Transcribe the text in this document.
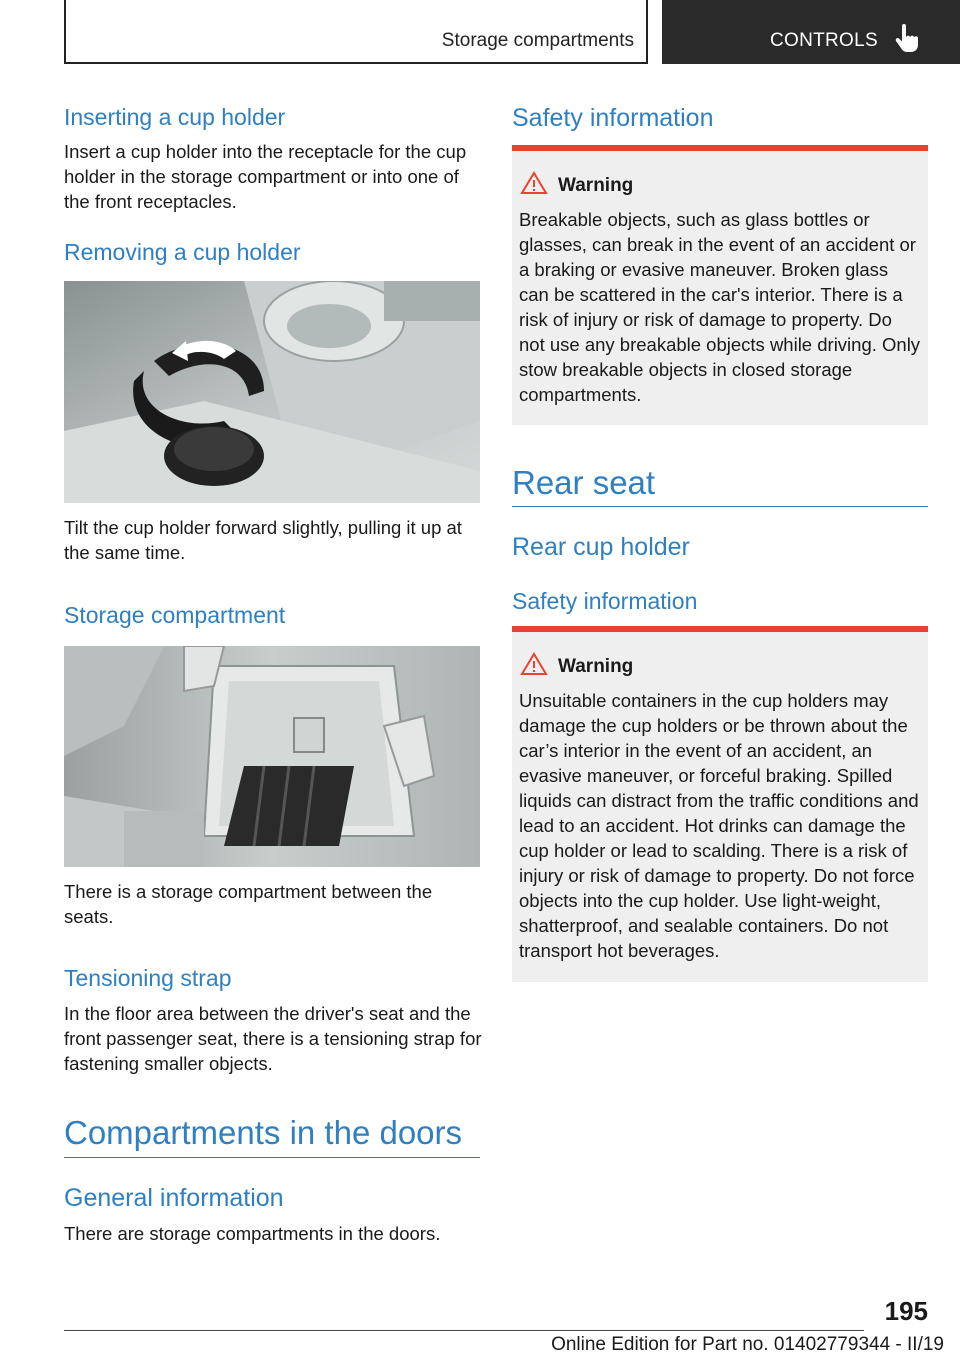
Storage compartments	CONTROLS
Inserting a cup holder

Insert a cup holder into the receptacle for the cup holder in the storage compartment or into one of the front receptacles.

Removing a cup holder

Tilt the cup holder forward slightly, pulling it up at the same time.

Storage compartment

There is a storage compartment between the seats.

Tensioning strap

In the floor area between the driver's seat and the front passenger seat, there is a tensioning strap for fastening smaller objects.

Compartments in the doors
General information

There are storage compartments in the doors.

Safety information
Warning
Breakable objects, such as glass bottles or glasses, can break in the event of an accident or a braking or evasive maneuver. Broken glass can be scattered in the car's interior. There is a risk of injury or risk of damage to property. Do not use any breakable objects while driving. Only stow breakable objects in closed storage compartments.
Rear seat
Rear cup holder
Safety information
Warning
Unsuitable containers in the cup holders may damage the cup holders or be thrown about the car’s interior in the event of an accident, an evasive maneuver, or forceful braking. Spilled liquids can distract from the traffic conditions and lead to an accident. Hot drinks can damage the cup holder or lead to scalding. There is a risk of injury or risk of damage to property. Do not force objects into the cup holder. Use light-weight, shatterproof, and sealable containers. Do not transport hot beverages.
195
Online Edition for Part no. 01402779344 - II/19
